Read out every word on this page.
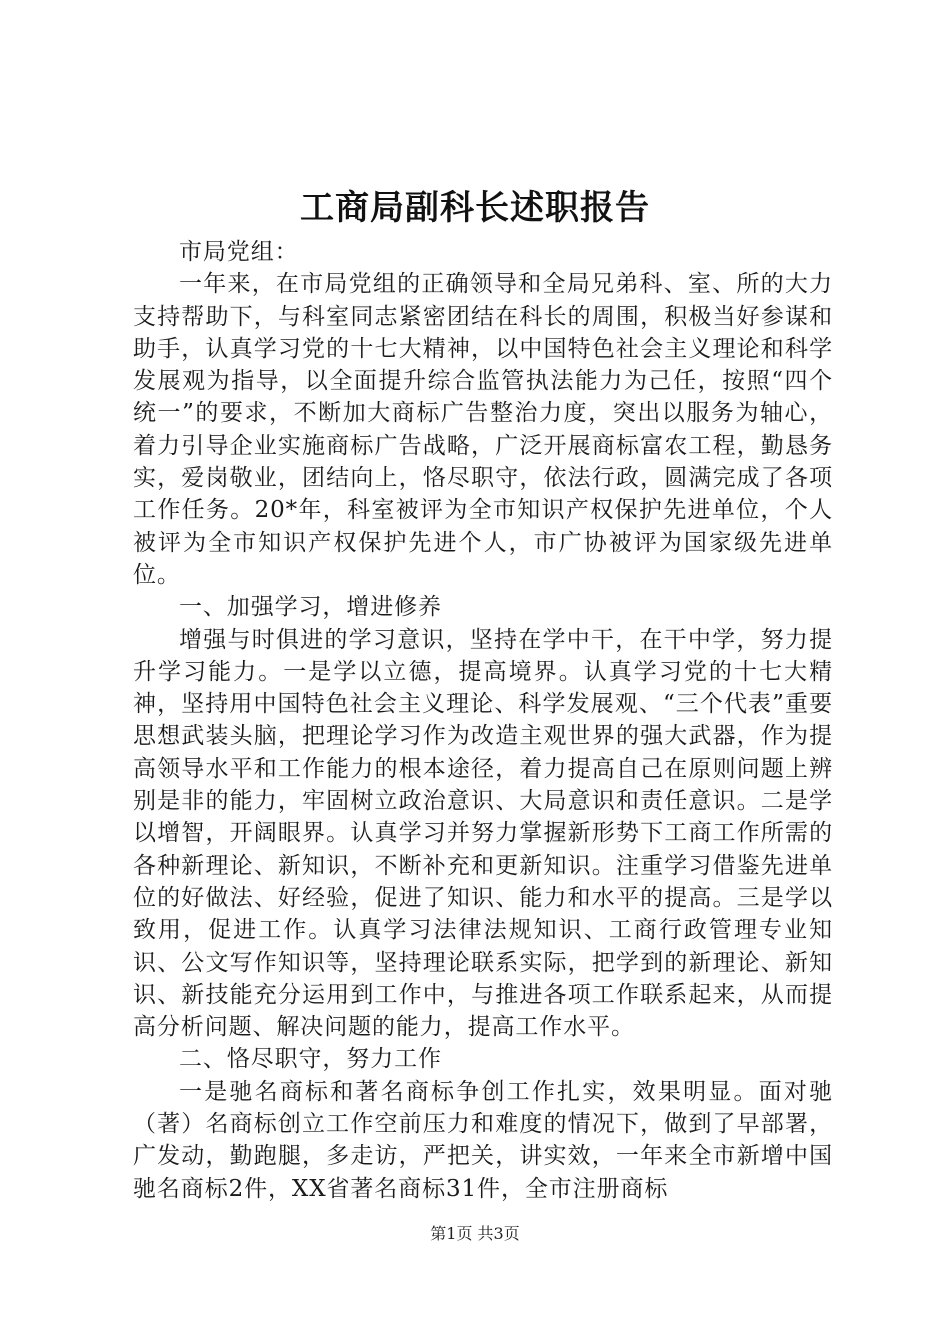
工商局副科长述职报告

市局党组：

一年来，在市局党组的正确领导和全局兄弟科、室、所的大力支持帮助下，与科室同志紧密团结在科长的周围，积极当好参谋和助手，认真学习党的十七大精神，以中国特色社会主义理论和科学发展观为指导，以全面提升综合监管执法能力为己任，按照“四个统一”的要求，不断加大商标广告整治力度，突出以服务为轴心，着力引导企业实施商标广告战略，广泛开展商标富农工程，勤恳务实，爱岗敬业，团结向上，恪尽职守，依法行政，圆满完成了各项工作任务。20*年，科室被评为全市知识产权保护先进单位，个人被评为全市知识产权保护先进个人，市广协被评为国家级先进单位。

一、加强学习，增进修养

增强与时俱进的学习意识，坚持在学中干，在干中学，努力提升学习能力。一是学以立德，提高境界。认真学习党的十七大精神，坚持用中国特色社会主义理论、科学发展观、“三个代表”重要思想武装头脑，把理论学习作为改造主观世界的强大武器，作为提高领导水平和工作能力的根本途径，着力提高自己在原则问题上辨别是非的能力，牢固树立政治意识、大局意识和责任意识。二是学以增智，开阔眼界。认真学习并努力掌握新形势下工商工作所需的各种新理论、新知识，不断补充和更新知识。注重学习借鉴先进单位的好做法、好经验，促进了知识、能力和水平的提高。三是学以致用，促进工作。认真学习法律法规知识、工商行政管理专业知识、公文写作知识等，坚持理论联系实际，把学到的新理论、新知识、新技能充分运用到工作中，与推进各项工作联系起来，从而提高分析问题、解决问题的能力，提高工作水平。

二、恪尽职守，努力工作

一是驰名商标和著名商标争创工作扎实，效果明显。面对驰（著）名商标创立工作空前压力和难度的情况下，做到了早部署，广发动，勤跑腿，多走访，严把关，讲实效，一年来全市新增中国驰名商标2件，XX省著名商标31件，全市注册商标

第1页 共3页
